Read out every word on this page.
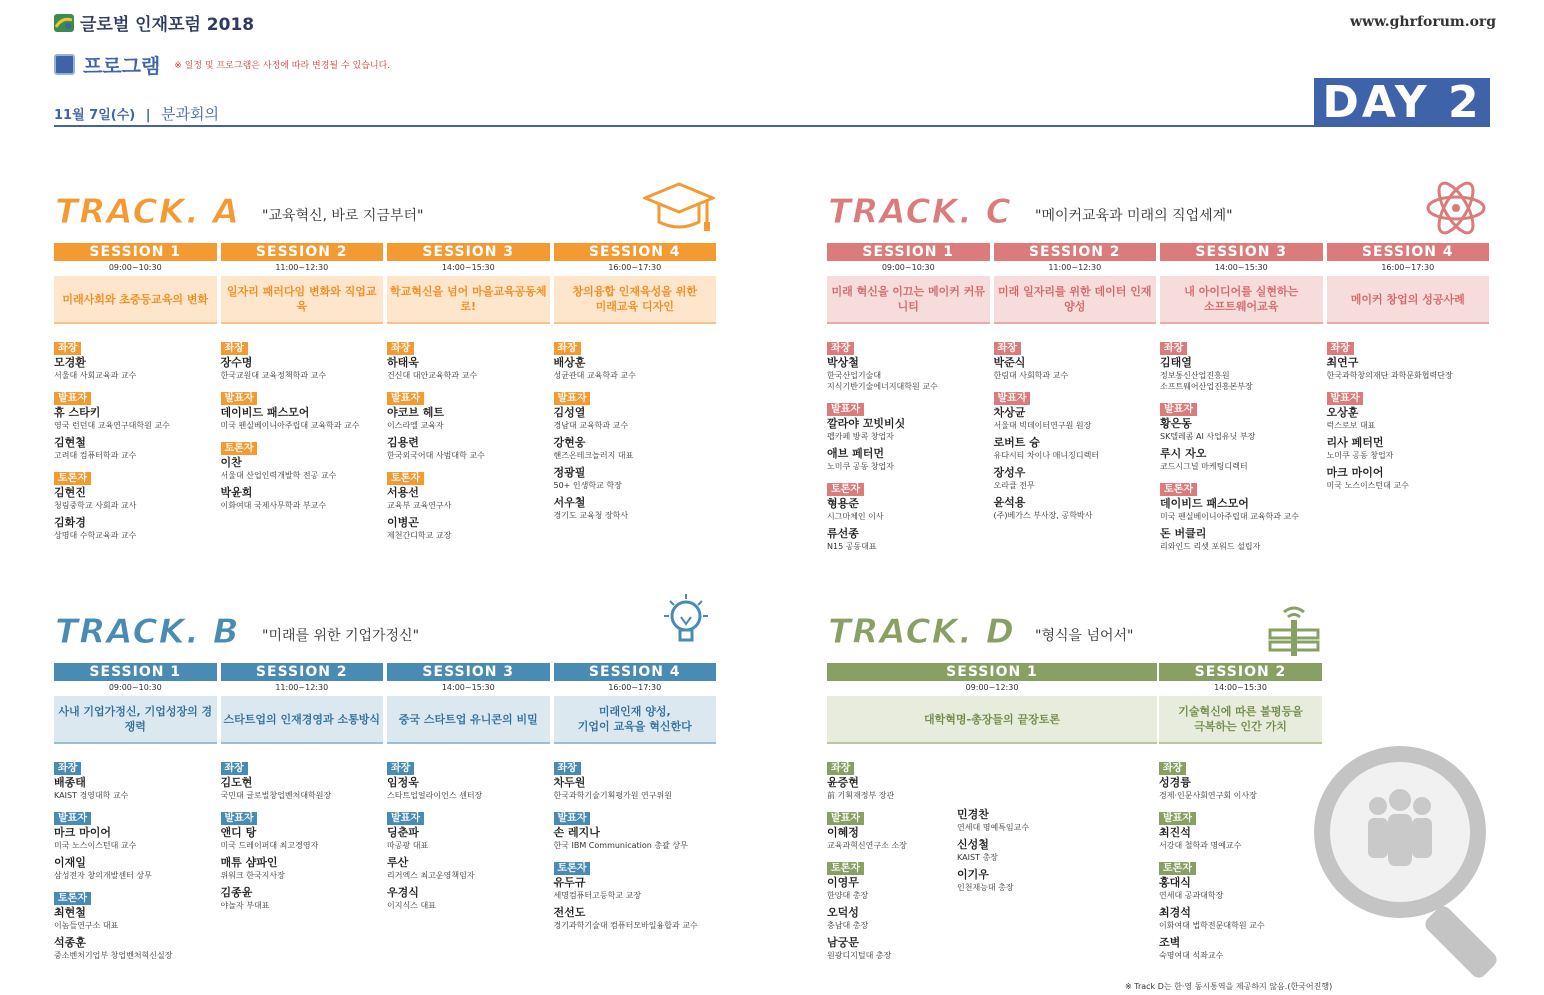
글로벌 인재포럼 2018	www.ghrforum.org
프로그램 ※ 일정 및 프로그램은 사정에 따라 변경될 수 있습니다.
11월 7일(수) | 분과회의	DAY 2
TRACK. A "교육혁신, 바로 지금부터"
SESSION 1
09:00~10:30
미래사회와 초중등교육의 변화
좌장

모경환
서울대 사회교육과 교수
발표자

휴 스타키
영국 런던대 교육연구대학원 교수
김현철
고려대 컴퓨터학과 교수
토론자

김현진
청림중학교 사회과 교사
김화경
상명대 수학교육과 교수
SESSION 2
11:00~12:30
일자리 패러다임 변화와 직업교육
좌장

장수명
한국교원대 교육정책학과 교수
발표자

데이비드 패스모어
미국 펜실베이니아주립대 교육학과 교수
토론자

이찬
서울대 산업인력개발학 전공 교수
박윤희
이화여대 국제사무학과 부교수
SESSION 3
14:00~15:30
학교혁신을 넘어 마을교육공동체로!
좌장

하태욱
건신대 대안교육학과 교수
발표자

야코브 헤트
이스라엘 교육자
김용련
한국외국어대 사범대학 교수
토론자

서용선
교육부 교육연구사
이병곤
제천간디학교 교장
SESSION 4
16:00~17:30
창의융합 인재육성을 위한
미래교육 디자인
좌장

배상훈
성균관대 교육학과 교수
발표자

김성열
경남대 교육학과 교수
강현웅
핸즈온테크놀러지 대표
정광필
50+ 인생학교 학장
서우철
경기도 교육청 장학사
TRACK. B "미래를 위한 기업가정신"
SESSION 1
09:00~10:30
사내 기업가정신, 기업성장의 경쟁력
좌장

배종태
KAIST 경영대학 교수
발표자

마크 마이어
미국 노스이스턴대 교수
이재일
삼성전자 창의개발센터 상무
토론자

최현철
이놈들연구소 대표
석종훈
중소벤처기업부 창업벤처혁신실장
SESSION 2
11:00~12:30
스타트업의 인재경영과 소통방식
좌장

김도현
국민대 글로벌창업벤처대학원장
발표자

앤디 탕
미국 드레이퍼대 최고경영자
매튜 샴파인
위워크 한국지사장
김종윤
야놀자 부대표
SESSION 3
14:00~15:30
중국 스타트업 유니콘의 비밀
좌장

임정욱
스타트업얼라이언스 센터장
발표자

딩춘파
따공팡 대표
루산
리거엑스 최고운영책임자
우경식
이지식스 대표
SESSION 4
16:00~17:30
미래인재 양성,
기업이 교육을 혁신한다
좌장

차두원
한국과학기술기획평가원 연구위원
발표자

손 레지나
한국 IBM Communication 총괄 상무
토론자

유두규
세명컴퓨터고등학교 교장
전선도
경기과학기술대 컴퓨터모바일융합과 교수
TRACK. C "메이커교육과 미래의 직업세계"
SESSION 1
09:00~10:30
미래 혁신을 이끄는 메이커 커뮤니티
좌장

박상철
한국산업기술대
지식기반기술에너지대학원 교수
발표자

깔라야 꼬빗비싯
펩카페 방콕 창업자
애브 페터먼
노미쿠 공동 창업자
토론자

형용준
시그마체인 이사
류선종
N15 공동대표
SESSION 2
11:00~12:30
미래 일자리를 위한 데이터 인재 양성
좌장

박준식
한림대 사회학과 교수
발표자

차상균
서울대 빅데이터연구원 원장
로버트 슝
유다시티 차이나 매니징디렉터
장성우
오라클 전무
윤석용
(주)베가스 부사장, 공학박사
SESSION 3
14:00~15:30
내 아이디어를 실현하는
소프트웨어교육
좌장

김태열
정보통신산업진흥원
소프트웨어산업진흥본부장
발표자

황은동
SK텔레콤 AI 사업유닛 부장
루시 자오
코드시그널 마케팅디렉터
토론자

데이비드 패스모어
미국 펜실베이니아주립대 교육학과 교수
돈 버클리
리와인드 리셋 포워드 설립자
SESSION 4
16:00~17:30
메이커 창업의 성공사례
좌장

최연구
한국과학창의재단 과학문화협력단장
발표자

오상훈
럭스로보 대표
리사 페터먼
노미쿠 공동 창업자
마크 마이어
미국 노스이스턴대 교수
TRACK. D "형식을 넘어서"
SESSION 1
09:00~12:30
대학혁명-총장들의 끝장토론
좌장

윤증현
前 기획재정부 장관
발표자

이혜정
교육과혁신연구소 소장
토론자

이영무
한양대 총장
오덕성
충남대 총장
남궁문
원광디지털대 총장
민경찬
연세대 명예특임교수
신성철
KAIST 총장
이기우
인천재능대 총장
SESSION 2
14:00~15:30
기술혁신에 따른 불평등을
극복하는 인간 가치
좌장

성경륭
경제·인문사회연구회 이사장
발표자

최진석
서강대 철학과 명예교수
토론자

홍대식
연세대 공과대학장
최경석
이화여대 법학전문대학원 교수
조벽
숙명여대 석좌교수
※ Track D는 한·영 동시통역을 제공하지 않음.(한국어진행)
